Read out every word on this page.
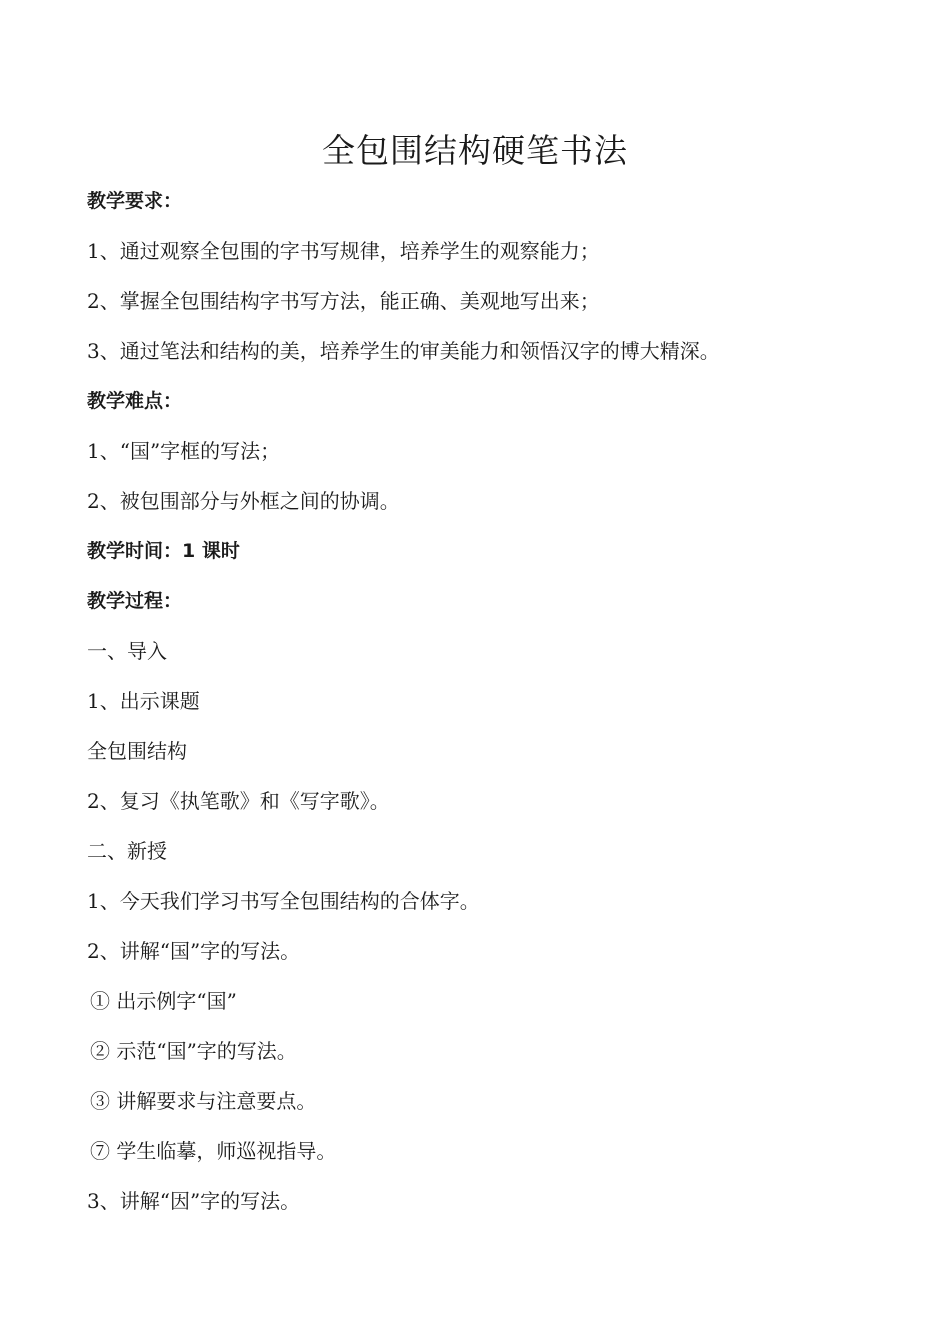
全包围结构硬笔书法
教学要求：
1、通过观察全包围的字书写规律，培养学生的观察能力；
2、掌握全包围结构字书写方法，能正确、美观地写出来；
3、通过笔法和结构的美，培养学生的审美能力和领悟汉字的博大精深。
教学难点：
1、“国”字框的写法；
2、被包围部分与外框之间的协调。
教学时间：1 课时
教学过程：
一、导入
1、出示课题
全包围结构
2、复习《执笔歌》和《写字歌》。
二、新授
1、今天我们学习书写全包围结构的合体字。
2、讲解“国”字的写法。
① 出示例字“国”
② 示范“国”字的写法。
③ 讲解要求与注意要点。
⑦ 学生临摹，师巡视指导。
3、讲解“因”字的写法。
